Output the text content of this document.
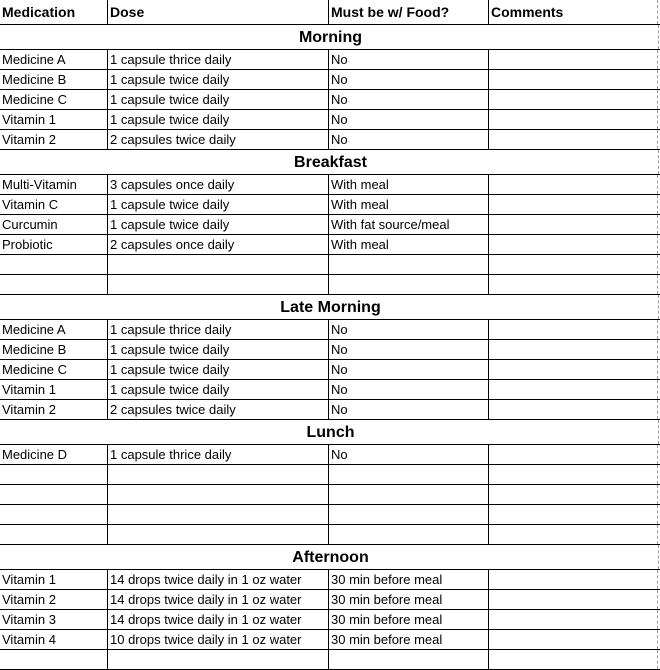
Medication	Dose	Must be w/ Food?	Comments
Morning
Medicine A	1 capsule thrice daily	No
Medicine B	1 capsule twice daily	No
Medicine C	1 capsule twice daily	No
Vitamin 1	1 capsule twice daily	No
Vitamin 2	2 capsules twice daily	No
Breakfast
Multi-Vitamin	3 capsules once daily	With meal
Vitamin C	1 capsule twice daily	With meal
Curcumin	1 capsule twice daily	With fat source/meal
Probiotic	2 capsules once daily	With meal
Late Morning
Medicine A	1 capsule thrice daily	No
Medicine B	1 capsule twice daily	No
Medicine C	1 capsule twice daily	No
Vitamin 1	1 capsule twice daily	No
Vitamin 2	2 capsules twice daily	No
Lunch
Medicine D	1 capsule thrice daily	No
Afternoon
Vitamin 1	14 drops twice daily in 1 oz water	30 min before meal
Vitamin 2	14 drops twice daily in 1 oz water	30 min before meal
Vitamin 3	14 drops twice daily in 1 oz water	30 min before meal
Vitamin 4	10 drops twice daily in 1 oz water	30 min before meal
